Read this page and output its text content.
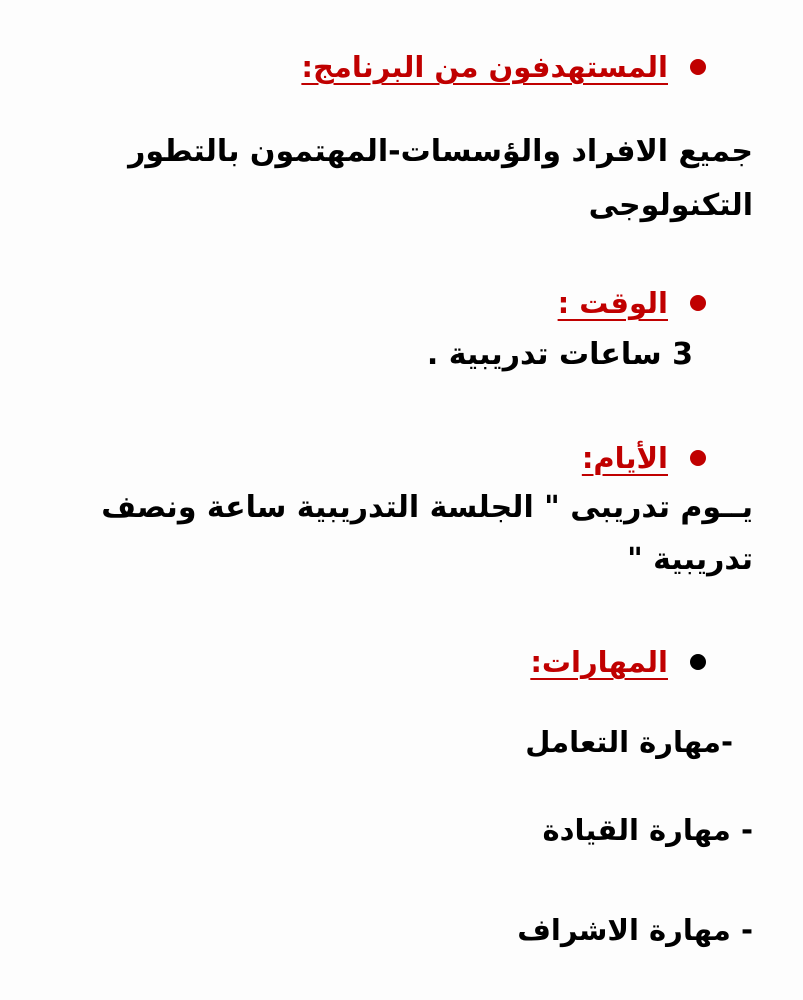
المستهدفون من البرنامج:
جميع الافراد والؤسسات-المهتمون بالتطور
التكنولوجى
الوقت :
3 ساعات تدريبية .
الأيام:
يــوم تدريبى " الجلسة التدريبية ساعة ونصف
تدريبية "
المهارات:
-مهارة التعامل
- مهارة القيادة
- مهارة الاشراف
